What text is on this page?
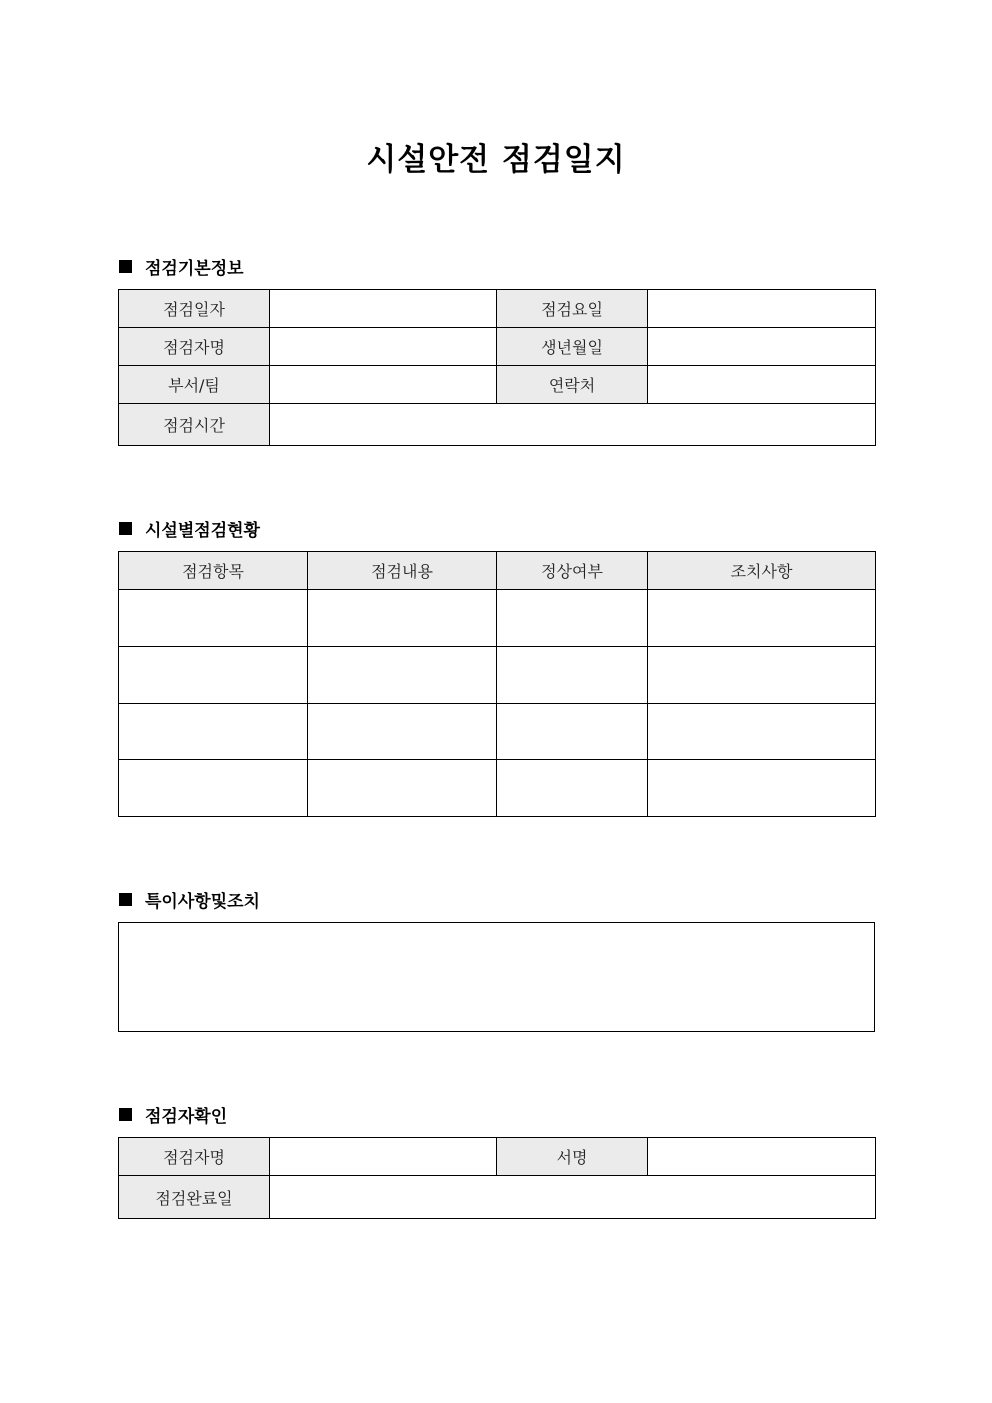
시설안전 점검일지
점검기본정보
점검일자		점검요일	
점검자명		생년월일	
부서/팀		연락처	
점검시간			
시설별점검현황
점검항목	점검내용	정상여부	조치사항

특이사항및조치
점검자확인
점검자명		서명	
점검완료일			
